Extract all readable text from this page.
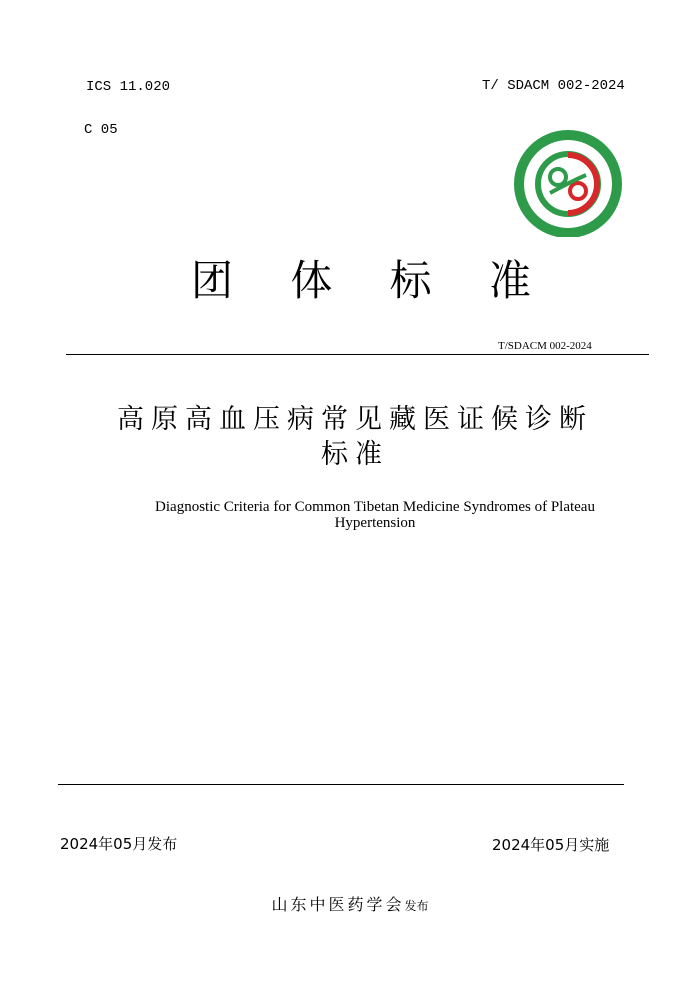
ICS 11.020
C 05
T/ SDACM 002-2024
团 体 标 准
T/SDACM 002-2024
高原高血压病常见藏医证候诊断
标准
Diagnostic Criteria for Common Tibetan Medicine Syndromes of Plateau Hypertension
2024年05月发布	2024年05月实施
山东中医药学会发布
